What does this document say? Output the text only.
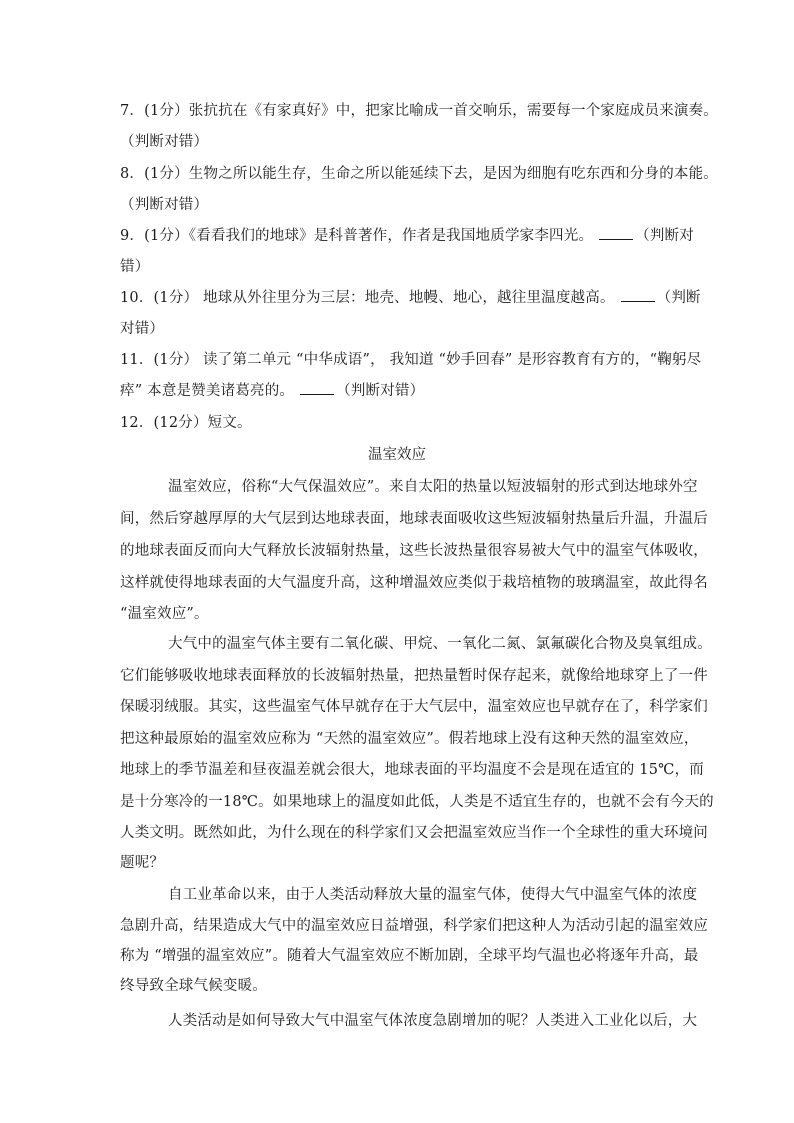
7．(1分）张抗抗在《有家真好》中，把家比喻成一首交响乐，需要每一个家庭成员来演奏。
（判断对错）
8．(1分）生物之所以能生存，生命之所以能延续下去，是因为细胞有吃东西和分身的本能。
（判断对错）
9．(1分）《看看我们的地球》是科普著作，作者是我国地质学家李四光。	（判断对
错）
10．(1分） 地球从外往里分为三层：地壳、地幔、地心，越往里温度越高。	（判断
对错）
11．(1分） 读了第二单元 “中华成语”， 我知道 “妙手回春” 是形容教育有方的，“鞠躬尽
瘁” 本意是赞美诸葛亮的。	（判断对错）
12．(12分）短文。
温室效应
温室效应，俗称“大气保温效应”。来自太阳的热量以短波辐射的形式到达地球外空
间，然后穿越厚厚的大气层到达地球表面，地球表面吸收这些短波辐射热量后升温，升温后
的地球表面反而向大气释放长波辐射热量，这些长波热量很容易被大气中的温室气体吸收，
这样就使得地球表面的大气温度升高，这种增温效应类似于栽培植物的玻璃温室，故此得名
“温室效应”。
大气中的温室气体主要有二氧化碳、甲烷、一氧化二氮、氯氟碳化合物及臭氧组成。
它们能够吸收地球表面释放的长波辐射热量，把热量暂时保存起来，就像给地球穿上了一件
保暖羽绒服。其实，这些温室气体早就存在于大气层中，温室效应也早就存在了，科学家们
把这种最原始的温室效应称为 “天然的温室效应”。假若地球上没有这种天然的温室效应，
地球上的季节温差和昼夜温差就会很大，地球表面的平均温度不会是现在适宜的 15℃，而
是十分寒冷的一18℃。如果地球上的温度如此低，人类是不适宜生存的，也就不会有今天的
人类文明。既然如此，为什么现在的科学家们又会把温室效应当作一个全球性的重大环境问
题呢？
自工业革命以来，由于人类活动释放大量的温室气体，使得大气中温室气体的浓度
急剧升高，结果造成大气中的温室效应日益增强，科学家们把这种人为活动引起的温室效应
称为 “增强的温室效应”。随着大气温室效应不断加剧，全球平均气温也必将逐年升高，最
终导致全球气候变暖。
人类活动是如何导致大气中温室气体浓度急剧增加的呢？人类进入工业化以后，大
